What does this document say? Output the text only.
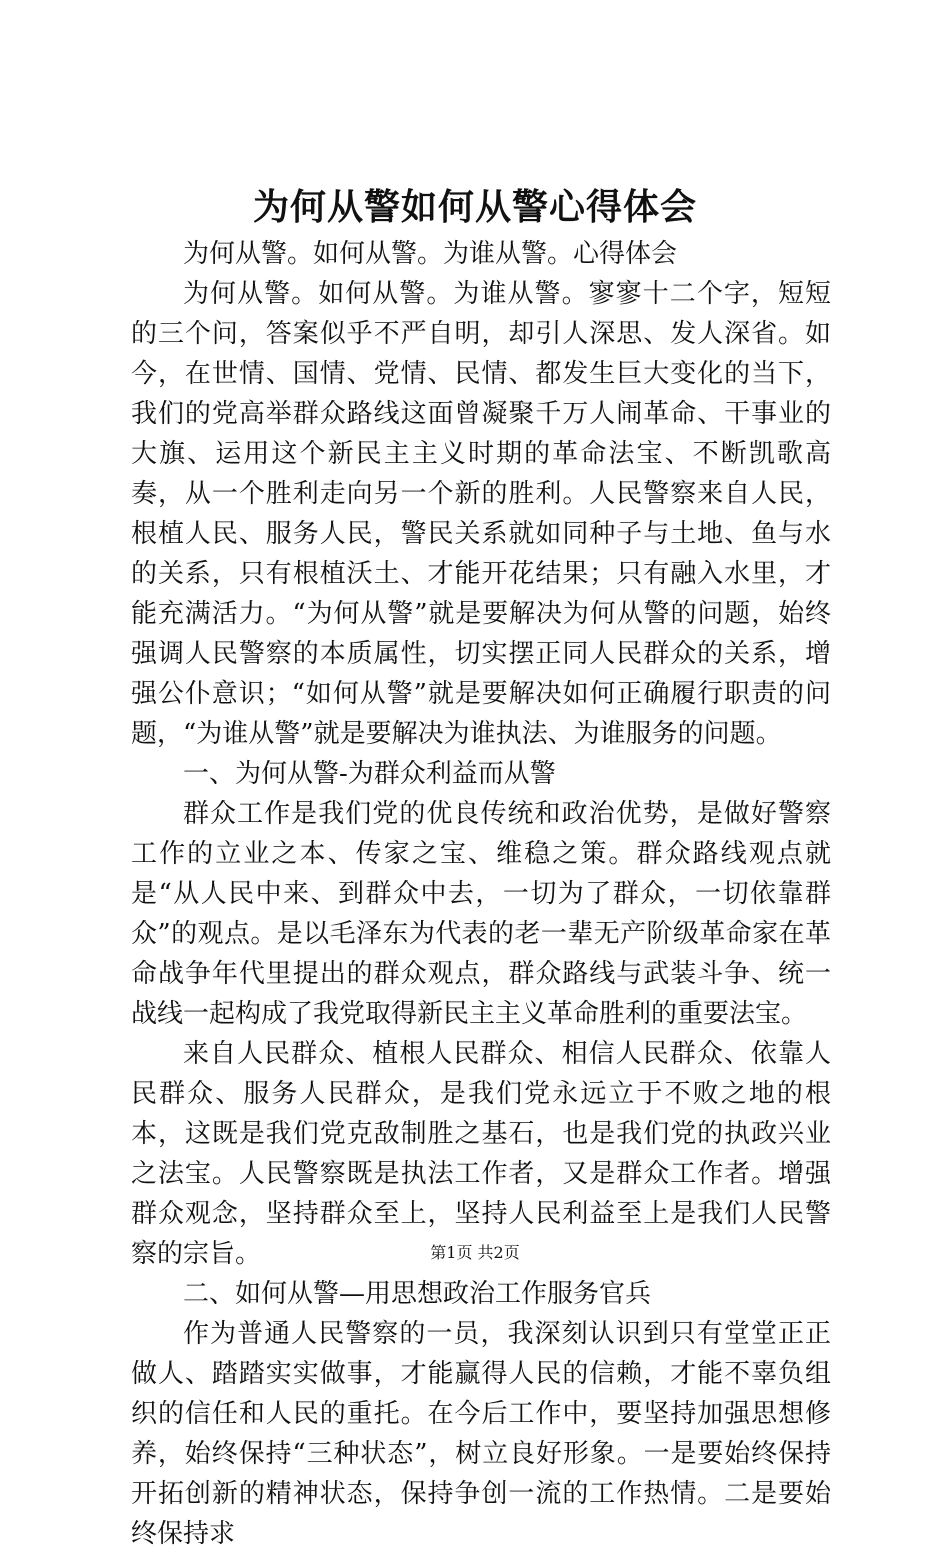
为何从警如何从警心得体会

为何从警。如何从警。为谁从警。心得体会

为何从警。如何从警。为谁从警。寥寥十二个字，短短的三个问，答案似乎不严自明，却引人深思、发人深省。如今，在世情、国情、党情、民情、都发生巨大变化的当下，我们的党高举群众路线这面曾凝聚千万人闹革命、干事业的大旗、运用这个新民主主义时期的革命法宝、不断凯歌高奏，从一个胜利走向另一个新的胜利。人民警察来自人民，根植人民、服务人民，警民关系就如同种子与土地、鱼与水的关系，只有根植沃土、才能开花结果；只有融入水里，才能充满活力。“为何从警”就是要解决为何从警的问题，始终强调人民警察的本质属性，切实摆正同人民群众的关系，增强公仆意识；“如何从警”就是要解决如何正确履行职责的问题，“为谁从警”就是要解决为谁执法、为谁服务的问题。

一、为何从警-为群众利益而从警

群众工作是我们党的优良传统和政治优势，是做好警察工作的立业之本、传家之宝、维稳之策。群众路线观点就是“从人民中来、到群众中去，一切为了群众，一切依靠群众”的观点。是以毛泽东为代表的老一辈无产阶级革命家在革命战争年代里提出的群众观点，群众路线与武装斗争、统一战线一起构成了我党取得新民主主义革命胜利的重要法宝。

来自人民群众、植根人民群众、相信人民群众、依靠人民群众、服务人民群众，是我们党永远立于不败之地的根本，这既是我们党克敌制胜之基石，也是我们党的执政兴业之法宝。人民警察既是执法工作者，又是群众工作者。增强群众观念，坚持群众至上，坚持人民利益至上是我们人民警察的宗旨。

二、如何从警—用思想政治工作服务官兵

作为普通人民警察的一员，我深刻认识到只有堂堂正正做人、踏踏实实做事，才能赢得人民的信赖，才能不辜负组织的信任和人民的重托。在今后工作中，要坚持加强思想修养，始终保持“三种状态”，树立良好形象。一是要始终保持开拓创新的精神状态，保持争创一流的工作热情。二是要始终保持求

第1页 共2页
